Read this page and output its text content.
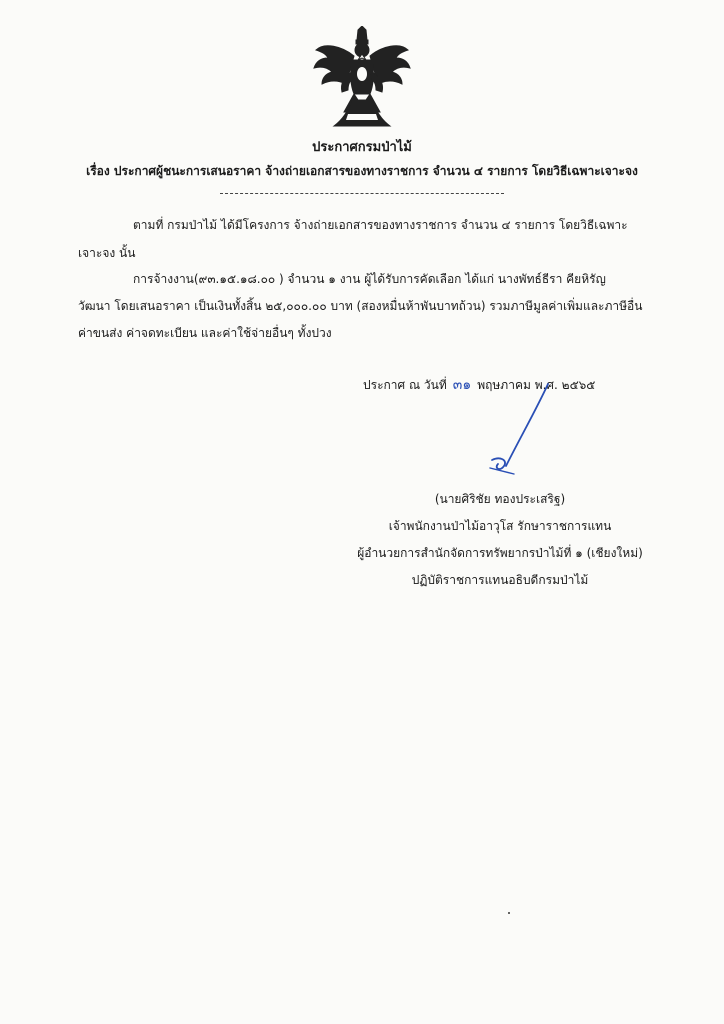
ประกาศกรมป่าไม้
เรื่อง ประกาศผู้ชนะการเสนอราคา จ้างถ่ายเอกสารของทางราชการ จำนวน ๔ รายการ โดยวิธีเฉพาะเจาะจง
ตามที่ กรมป่าไม้ ได้มีโครงการ จ้างถ่ายเอกสารของทางราชการ จำนวน ๔ รายการ โดยวิธีเฉพาะ
เจาะจง นั้น
การจ้างงาน(๙๓.๑๕.๑๘.๐๐ ) จำนวน ๑ งาน ผู้ได้รับการคัดเลือก ได้แก่ นางพัทธ์ธีรา คียหิรัญ
วัฒนา โดยเสนอราคา เป็นเงินทั้งสิ้น ๒๕,๐๐๐.๐๐ บาท (สองหมื่นห้าพันบาทถ้วน) รวมภาษีมูลค่าเพิ่มและภาษีอื่น
ค่าขนส่ง ค่าจดทะเบียน และค่าใช้จ่ายอื่นๆ ทั้งปวง
ประกาศ ณ วันที่ ๓๑ พฤษภาคม พ.ศ. ๒๕๖๕
(นายศิริชัย ทองประเสริฐ)
เจ้าพนักงานป่าไม้อาวุโส รักษาราชการแทน
ผู้อำนวยการสำนักจัดการทรัพยากรป่าไม้ที่ ๑ (เชียงใหม่)
ปฏิบัติราชการแทนอธิบดีกรมป่าไม้
